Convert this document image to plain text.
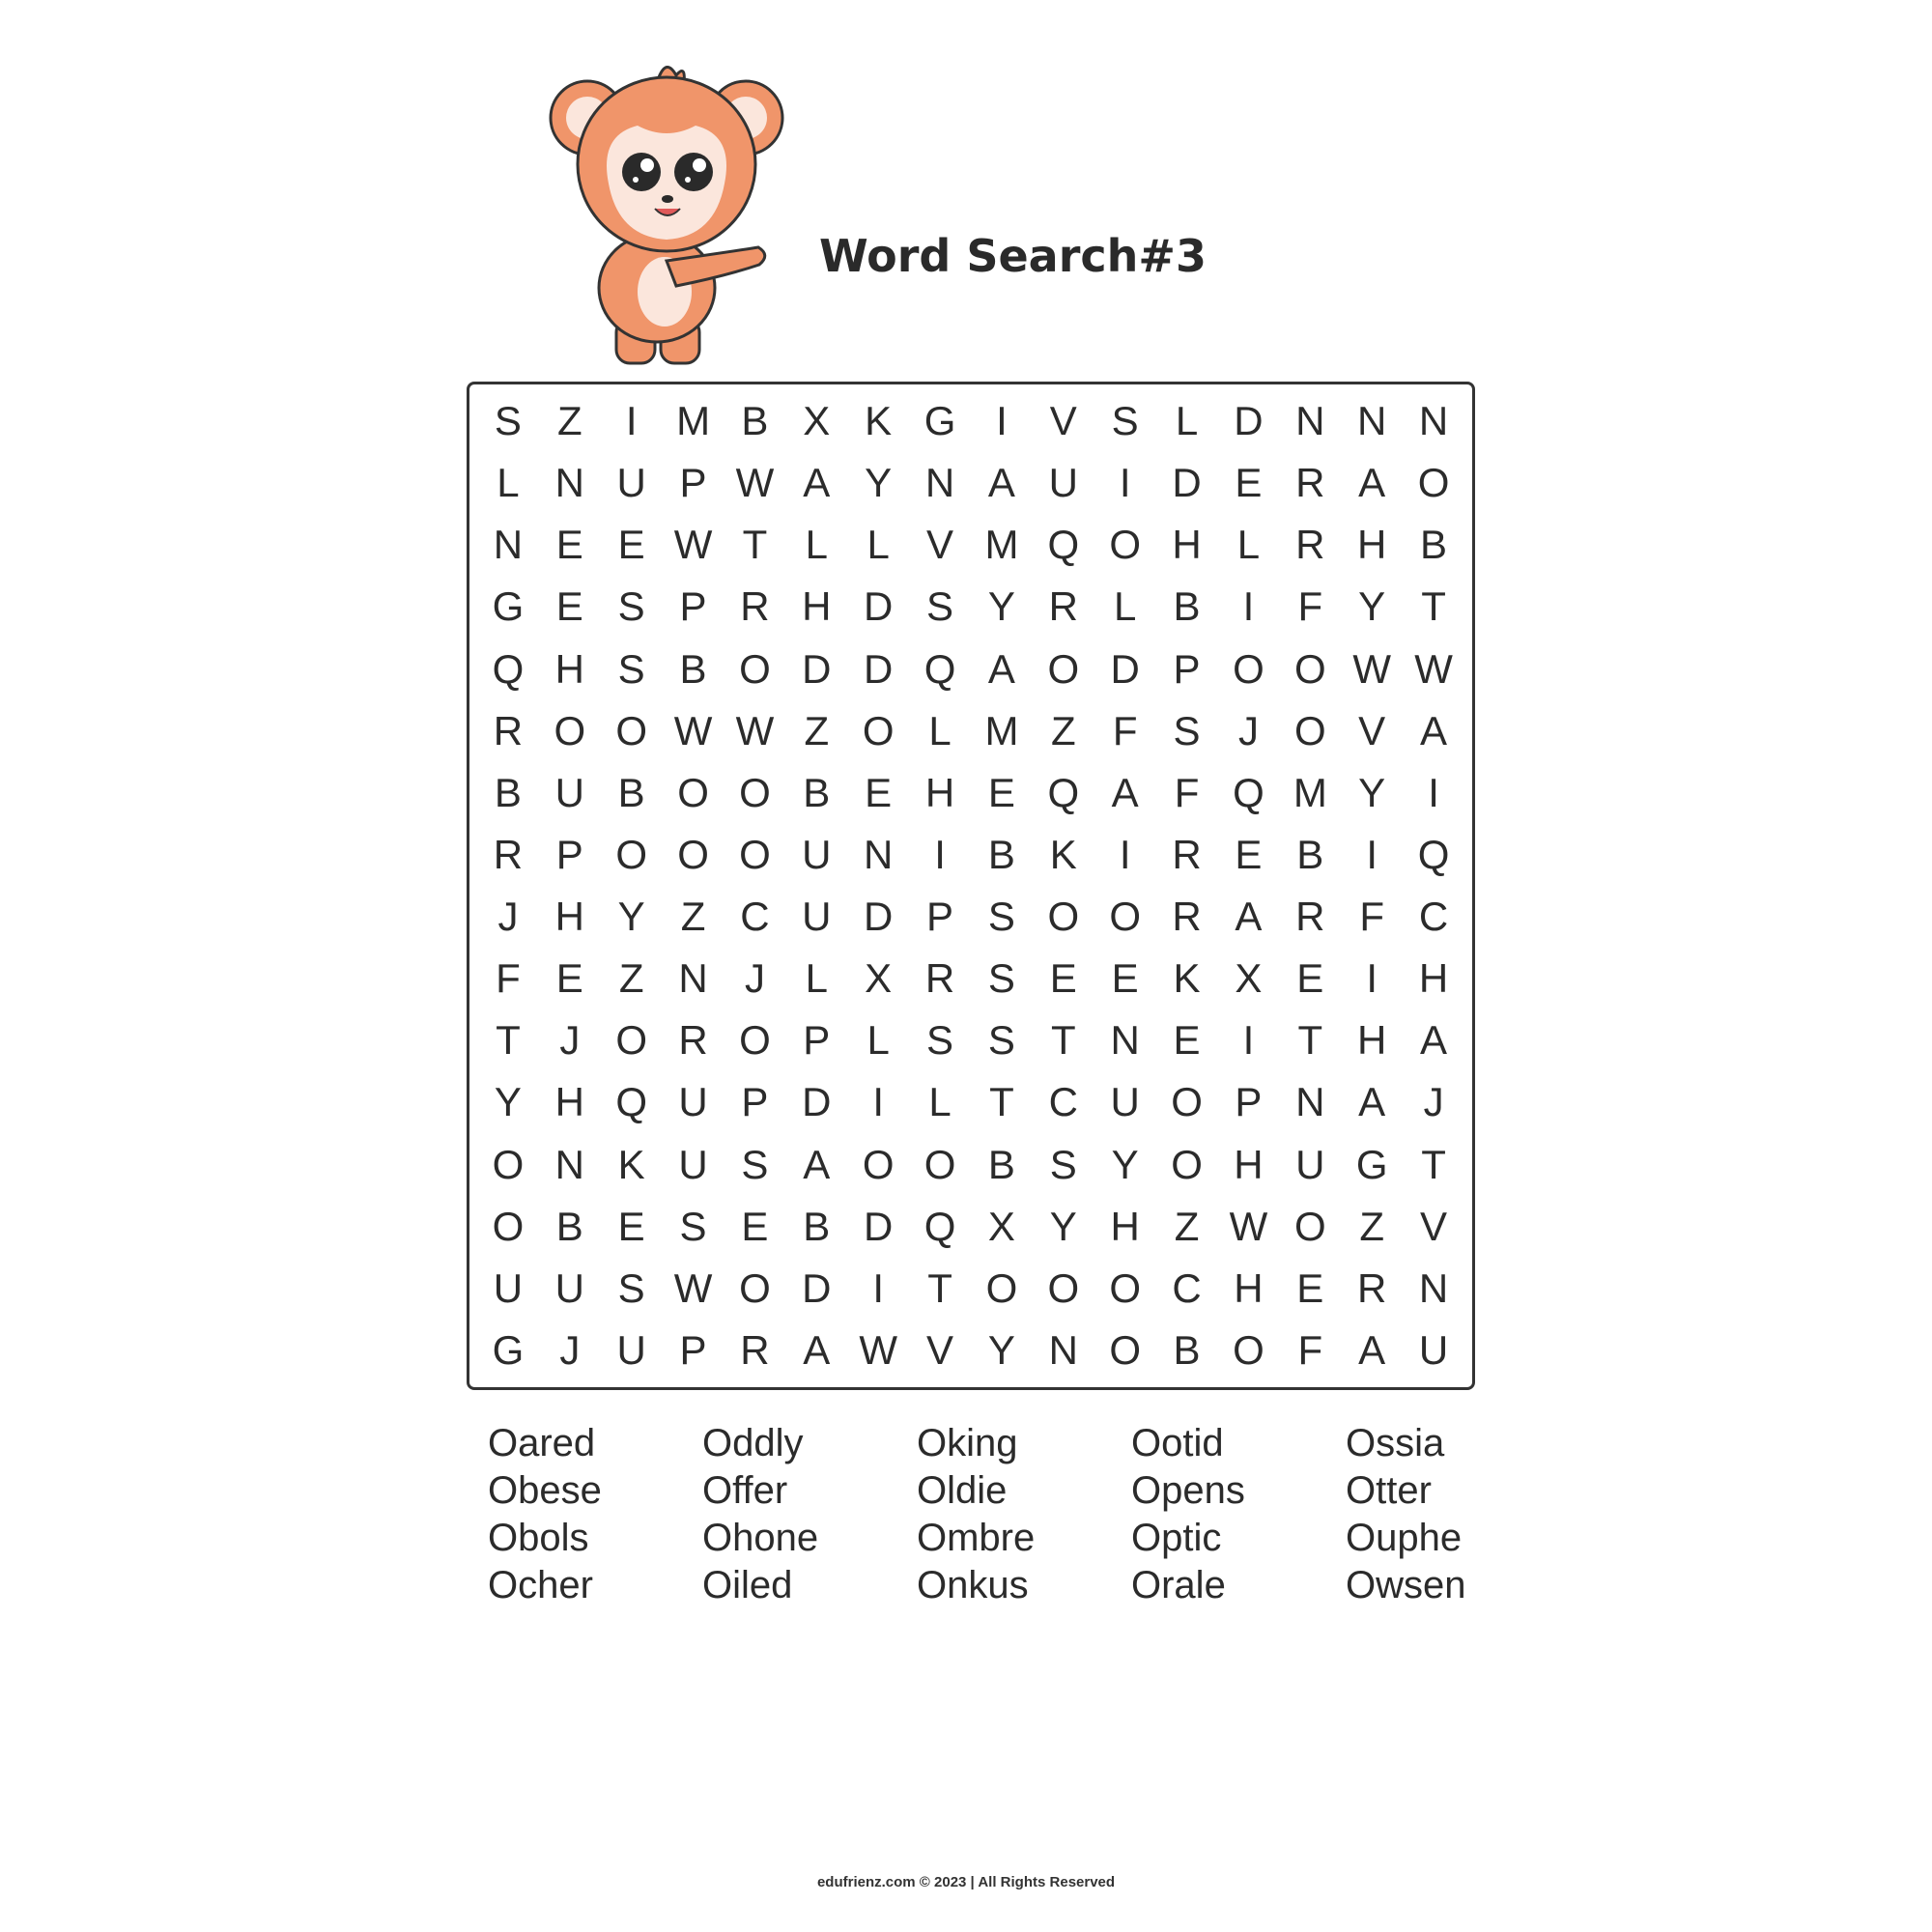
Word Search#3
S Z	I M B X K G I	V S L D N N N
L N U P W A Y N A U	I	D E R A O
N E E W T L L V M Q O H L R H B
G E S P R H D S Y R L B	I	F Y T
Q H S B O D D Q A O D P O O W W
R O O W W Z O L M Z F S J O V A
B U B O O B E H E Q A F Q M Y	I
R P O O O U N	I	B K	I	R E B	I Q
J H Y Z C U D P S O O R A R F C
F E Z N J L X R S E E K X E	I	H
T J O R O P L S S T N E	I	T H A
Y H Q U P D	I	L T C U O P N A J
O N K U S A O O B S Y O H U G T
O B E S E B D Q X Y H Z W O Z V
U U S W O D	I	T O O O C H E R N
G J U P R A W V Y N O B O F A U
Oared
Obese
Obols
Ocher
Oddly
Offer
Ohone
Oiled
Oking
Oldie
Ombre
Onkus
Ootid
Opens
Optic
Orale
Ossia
Otter
Ouphe
Owsen
edufrienz.com © 2023 | All Rights Reserved
